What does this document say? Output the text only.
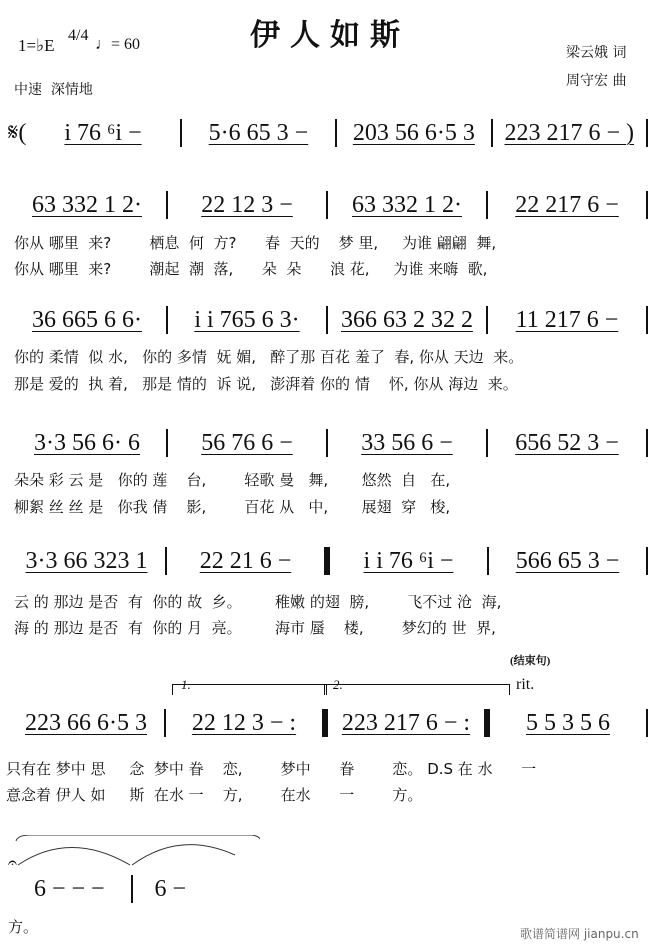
伊人如斯
1=♭E
4/4
♩= 60
中速  深情地
梁云娥 词
周守宏 曲
𝄋(	i 76 ⁶i −	5·6 65 3 −	203 56 6·5 3	223 217 6 − )
63 332 1 2·	22 12 3 −	63 332 1 2·	22 217 6 −
你从 哪里  来?        栖息  何  方?      春  天的    梦 里,     为谁 翩翩  舞,
你从 哪里  来?        潮起  潮  落,      朵  朵      浪 花,     为谁 来嗨  歌,
36 665 6 6·	i i 765 6 3·	366 63 2 32 2	11 217 6 −
你的 柔情  似 水,   你的 多情  妩 媚,   醉了那 百花 羞了  春, 你从 天边  来。
那是 爱的  执 着,   那是 情的  诉 说,   澎湃着 你的 情    怀, 你从 海边  来。
3·3 56 6· 6	56 76 6 −	33 56 6 −	656 52 3 −
朵朵 彩 云 是   你的 莲    台,        轻歌 曼   舞,       悠然  自   在,
柳絮 丝 丝 是   你我 倩    影,        百花 从   中,       展翅  穿   梭,
3·3 66 323 1	22 21 6 −	i i 76 ⁶i −	566 65 3 −
云 的 那边 是否  有  你的 故  乡。       稚嫩 的翅  膀,        飞不过 沧  海,
海 的 那边 是否  有  你的 月  亮。       海市 蜃    楼,        梦幻的 世  界,
(结束句)
rit.
1.	2.
223 66 6·5 3	22 12 3 − :	223 217 6 − :	5 5 3 5 6
只有在 梦中 思     念  梦中 眷    恋,        梦中      眷        恋。 D.S 在 水      一
意念着 伊人 如     斯  在水 一    方,        在水      一        方。
𝄐
6 − − −	6 −
方。	歌谱简谱网 jianpu.cn
